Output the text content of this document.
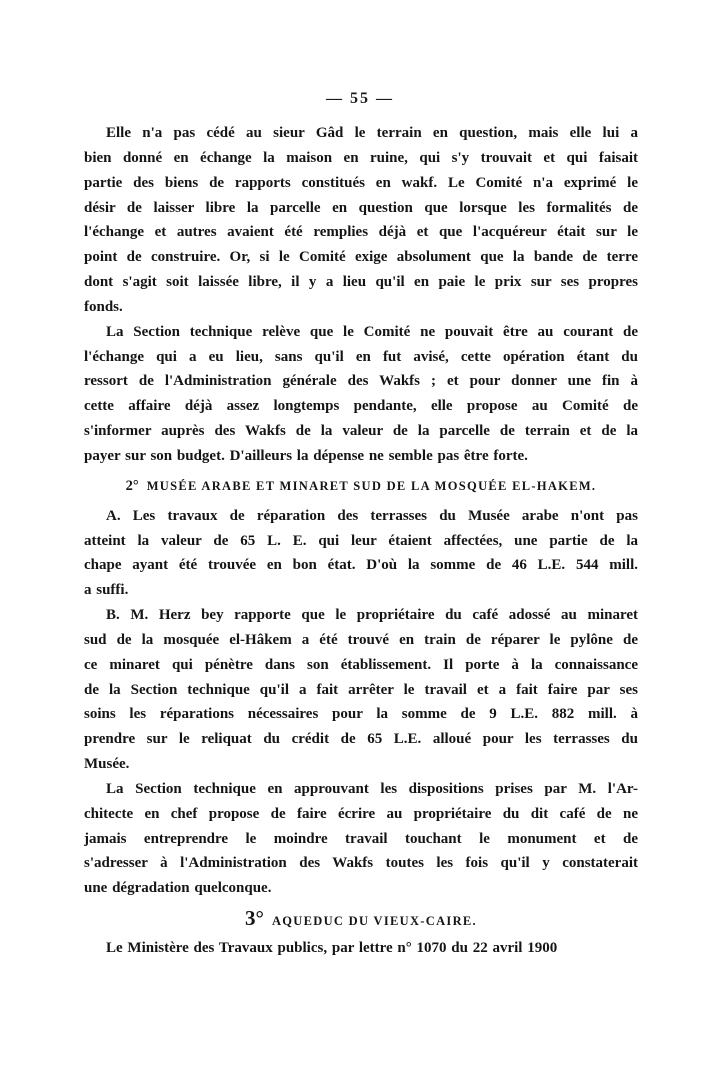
— 55 —
Elle n'a pas cédé au sieur Gâd le terrain en question, mais elle lui a
bien donné en échange la maison en ruine, qui s'y trouvait et qui faisait
partie des biens de rapports constitués en wakf. Le Comité n'a exprimé le
désir de laisser libre la parcelle en question que lorsque les formalités de
l'échange et autres avaient été remplies déjà et que l'acquéreur était sur le
point de construire. Or, si le Comité exige absolument que la bande de terre
dont s'agit soit laissée libre, il y a lieu qu'il en paie le prix sur ses propres
fonds.
La Section technique relève que le Comité ne pouvait être au courant de
l'échange qui a eu lieu, sans qu'il en fut avisé, cette opération étant du
ressort de l'Administration générale des Wakfs ; et pour donner une fin à
cette affaire déjà assez longtemps pendante, elle propose au Comité de
s'informer auprès des Wakfs de la valeur de la parcelle de terrain et de la
payer sur son budget. D'ailleurs la dépense ne semble pas être forte.
2° MUSÉE ARABE ET MINARET SUD DE LA MOSQUÉE EL-HAKEM.
A. Les travaux de réparation des terrasses du Musée arabe n'ont pas
atteint la valeur de 65 L. E. qui leur étaient affectées, une partie de la
chape ayant été trouvée en bon état. D'où la somme de 46 L.E. 544 mill.
a suffi.
B. M. Herz bey rapporte que le propriétaire du café adossé au minaret
sud de la mosquée el-Hâkem a été trouvé en train de réparer le pylône de
ce minaret qui pénètre dans son établissement. Il porte à la connaissance
de la Section technique qu'il a fait arrêter le travail et a fait faire par ses
soins les réparations nécessaires pour la somme de 9 L.E. 882 mill. à
prendre sur le reliquat du crédit de 65 L.E. alloué pour les terrasses du
Musée.
La Section technique en approuvant les dispositions prises par M. l'Ar-
chitecte en chef propose de faire écrire au propriétaire du dit café de ne
jamais entreprendre le moindre travail touchant le monument et de
s'adresser à l'Administration des Wakfs toutes les fois qu'il y constaterait
une dégradation quelconque.
3° AQUEDUC DU VIEUX-CAIRE.
Le Ministère des Travaux publics, par lettre n° 1070 du 22 avril 1900
